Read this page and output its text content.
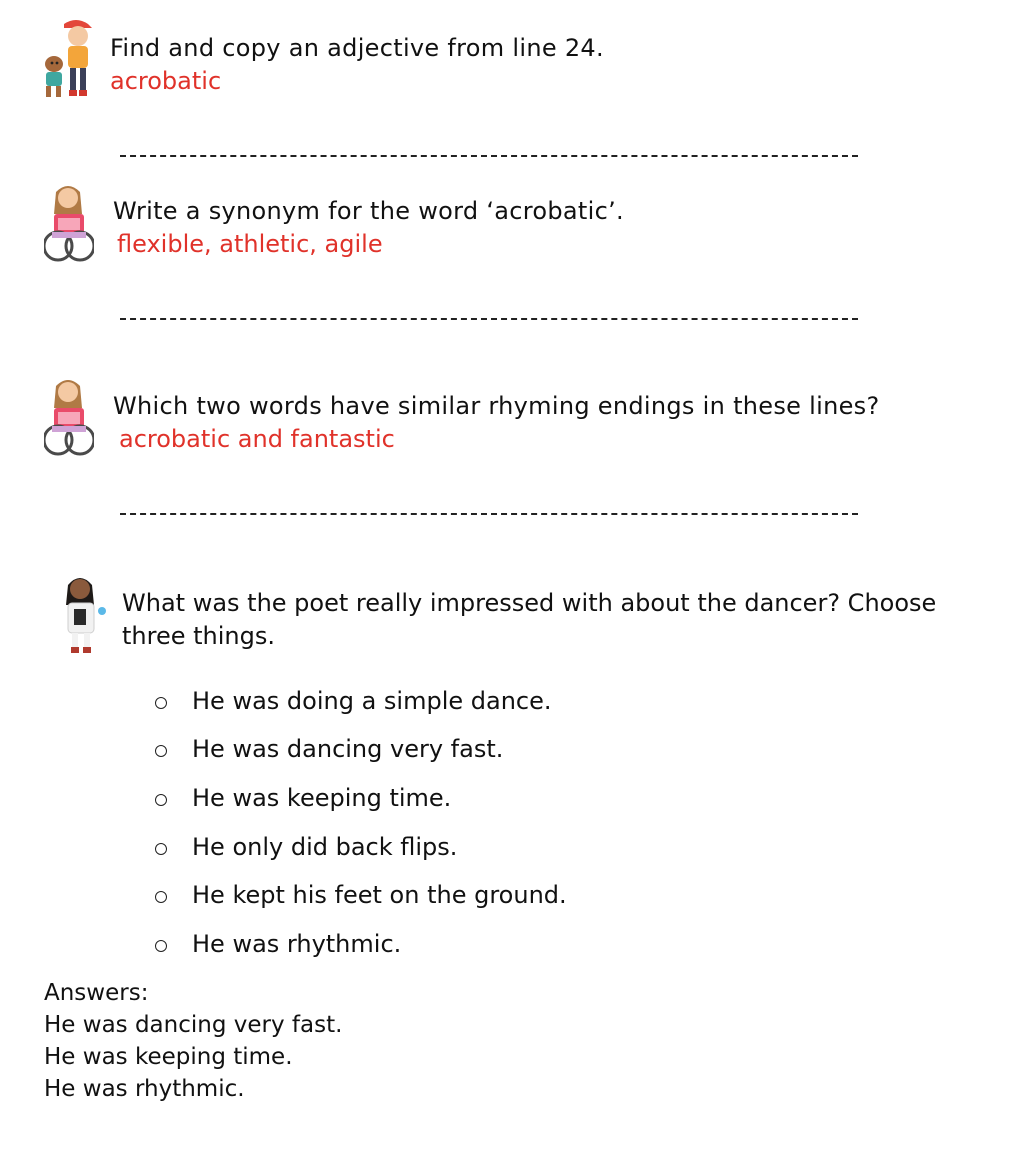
Find and copy an adjective from line 24.
acrobatic
Write a synonym for the word ‘acrobatic’.
flexible, athletic, agile
Which two words have similar rhyming endings in these lines?
acrobatic and fantastic
What was the poet really impressed with about the dancer? Choose three things.
He was doing a simple dance.
He was dancing very fast.
He was keeping time.
He only did back flips.
He kept his feet on the ground.
He was rhythmic.
Answers:
He was dancing very fast.
He was keeping time.
He was rhythmic.
